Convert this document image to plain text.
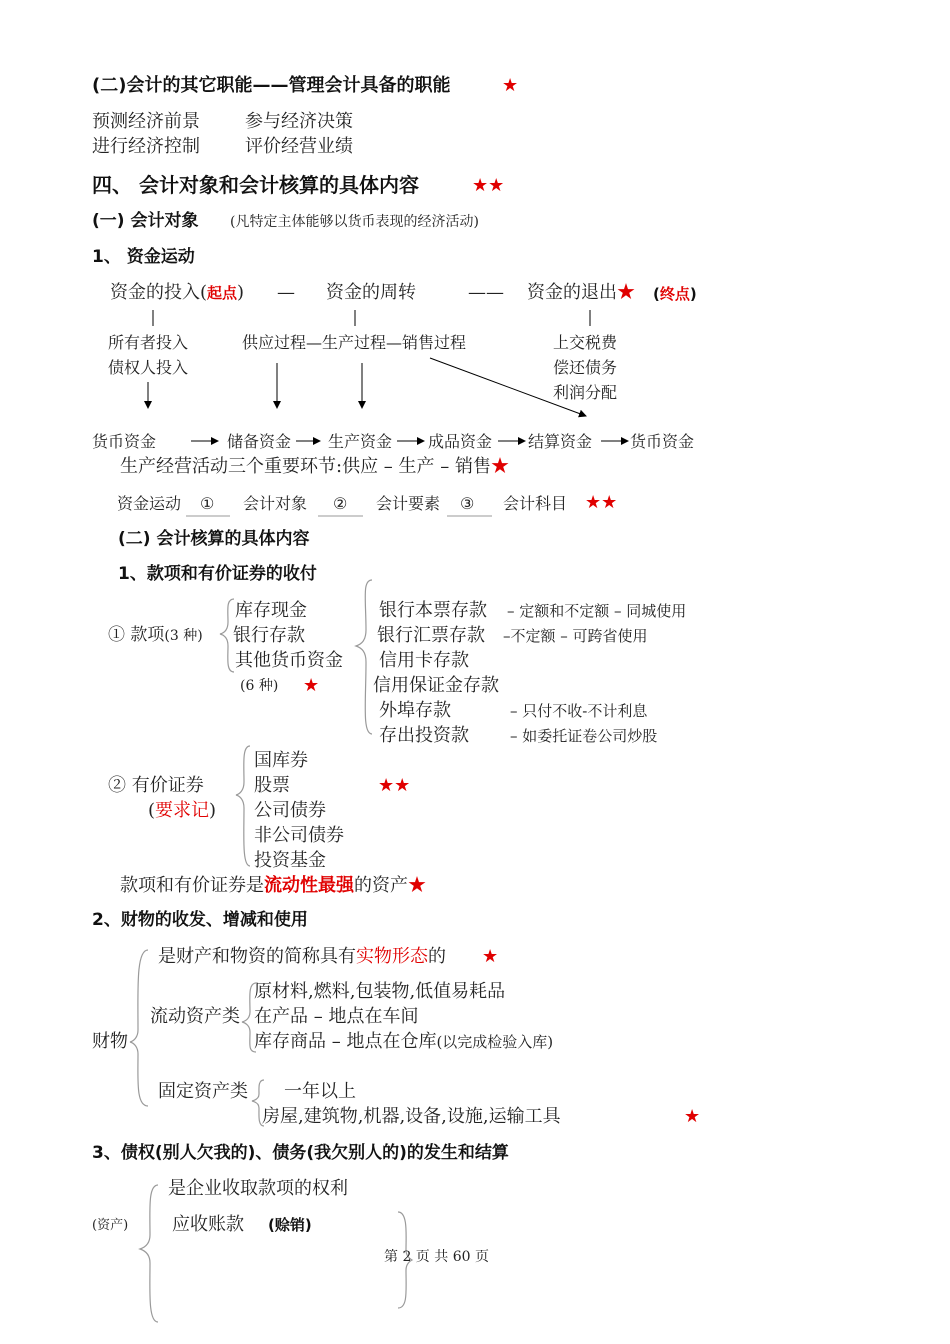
(二)会计的其它职能——管理会计具备的职能	★
预测经济前景	参与经济决策
进行经济控制	评价经营业绩
四、 会计对象和会计核算的具体内容	★★
(一) 会计对象 (凡特定主体能够以货币表现的经济活动)
1、 资金运动
资金的投入(起点) — 资金的周转	—— 资金的退出★ (终点)
所有者投入
债权人投入
供应过程—生产过程—销售过程	上交税费
偿还债务
利润分配
货币资金	储备资金 生产资金 成品资金 结算资金 货币资金
生产经营活动三个重要环节:供应 – 生产 – 销售★
资金运动 ① 会计对象 ② 会计要素 ③ 会计科目 ★★
(二) 会计核算的具体内容
1、款项和有价证券的收付
① 款项(3 种)
库存现金
银行存款
其他货币资金
(6 种) ★
银行本票存款 – 定额和不定额 – 同城使用
银行汇票存款 –不定额 – 可跨省使用
信用卡存款
信用保证金存款
外埠存款	– 只付不收-不计利息
存出投资款	– 如委托证卷公司炒股
② 有价证券
(要求记)
国库券
股票	★★
公司债券
非公司债券
投资基金
款项和有价证券是流动性最强的资产★
2、财物的收发、增减和使用
是财产和物资的简称具有实物形态的 ★
财物
流动资产类
原材料,燃料,包装物,低值易耗品
在产品 – 地点在车间
库存商品 – 地点在仓库(以完成检验入库)
固定资产类 一年以上
房屋,建筑物,机器,设备,设施,运输工具	★
3、债权(别人欠我的)、债务(我欠别人的)的发生和结算
是企业收取款项的权利
(资产) 应收账款 (赊销)
第 2 页 共 60 页
